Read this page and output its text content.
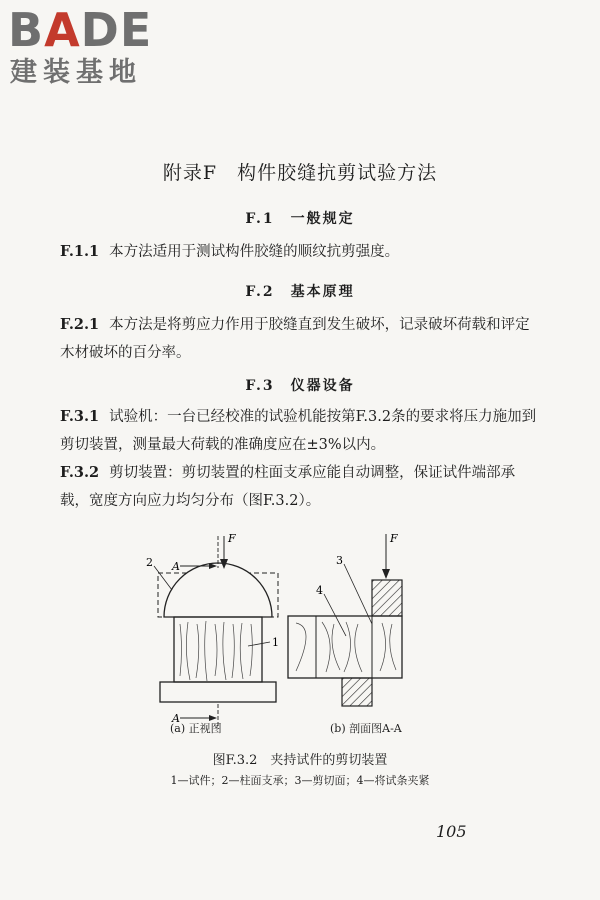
BADE
建装基地
附录F　构件胶缝抗剪试验方法
F.1　一般规定
F.1.1 本方法适用于测试构件胶缝的顺纹抗剪强度。
F.2　基本原理
F.2.1 本方法是将剪应力作用于胶缝直到发生破坏，记录破坏荷载和评定木材破坏的百分率。
F.3　仪器设备
F.3.1 试验机：一台已经校准的试验机能按第F.3.2条的要求将压力施加到剪切装置，测量最大荷载的准确度应在±3%以内。
F.3.2 剪切装置：剪切装置的柱面支承应能自动调整，保证试件端部承载，宽度方向应力均匀分布（图F.3.2）。
F
A
A
2
1
F
3
4
(a) 正视图	(b) 剖面图A-A
图F.3.2　夹持试件的剪切装置
1—试件；2—柱面支承；3—剪切面；4—将试条夹紧
105
